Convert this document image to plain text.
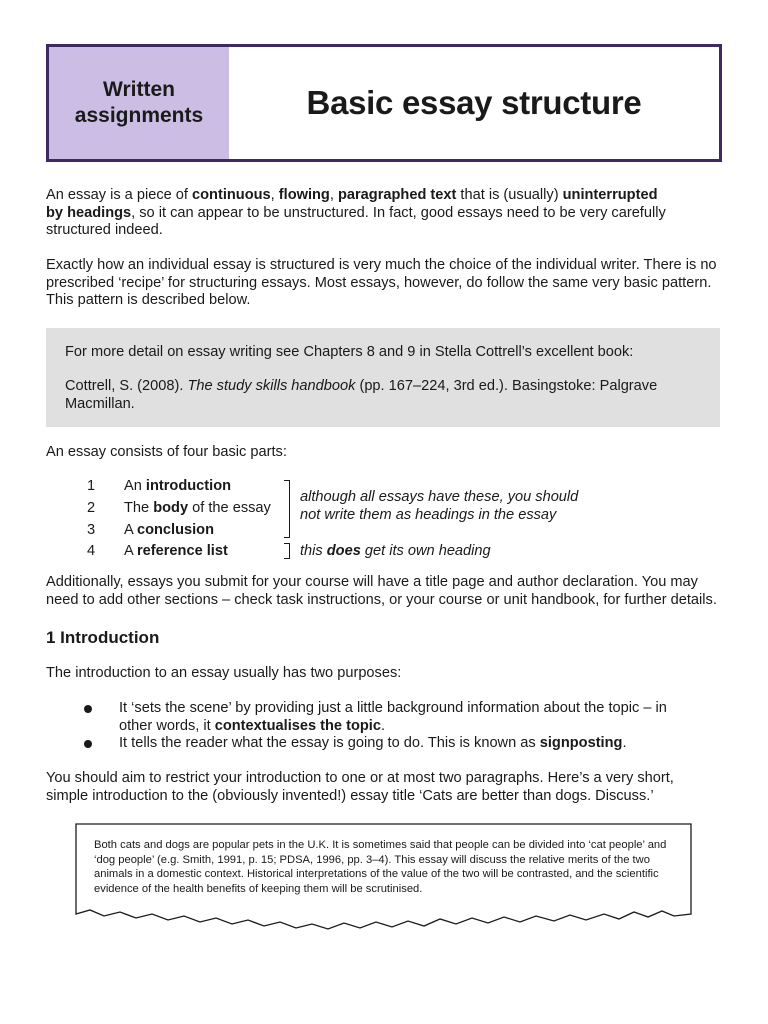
Written
assignments	Basic essay structure
An essay is a piece of continuous, flowing, paragraphed text that is (usually) uninterrupted by headings, so it can appear to be unstructured. In fact, good essays need to be very carefully structured indeed.
Exactly how an individual essay is structured is very much the choice of the individual writer. There is no prescribed ‘recipe’ for structuring essays. Most essays, however, do follow the same very basic pattern. This pattern is described below.
For more detail on essay writing see Chapters 8 and 9 in Stella Cottrell’s excellent book:
Cottrell, S. (2008). The study skills handbook (pp. 167–224, 3rd ed.). Basingstoke: Palgrave Macmillan.
An essay consists of four basic parts:
1 An introduction
2 The body of the essay
3 A conclusion
4 A reference list
although all essays have these, you should not write them as headings in the essay
this does get its own heading
Additionally, essays you submit for your course will have a title page and author declaration. You may need to add other sections – check task instructions, or your course or unit handbook, for further details.
1 Introduction
The introduction to an essay usually has two purposes:
It ‘sets the scene’ by providing just a little background information about the topic – in other words, it contextualises the topic.
It tells the reader what the essay is going to do. This is known as signposting.
You should aim to restrict your introduction to one or at most two paragraphs. Here’s a very short, simple introduction to the (obviously invented!) essay title ‘Cats are better than dogs. Discuss.’
Both cats and dogs are popular pets in the U.K. It is sometimes said that people can be divided into ‘cat people’ and ‘dog people’ (e.g. Smith, 1991, p. 15; PDSA, 1996, pp. 3–4). This essay will discuss the relative merits of the two animals in a domestic context. Historical interpretations of the value of the two will be contrasted, and the scientific evidence of the health benefits of keeping them will be scrutinised.
